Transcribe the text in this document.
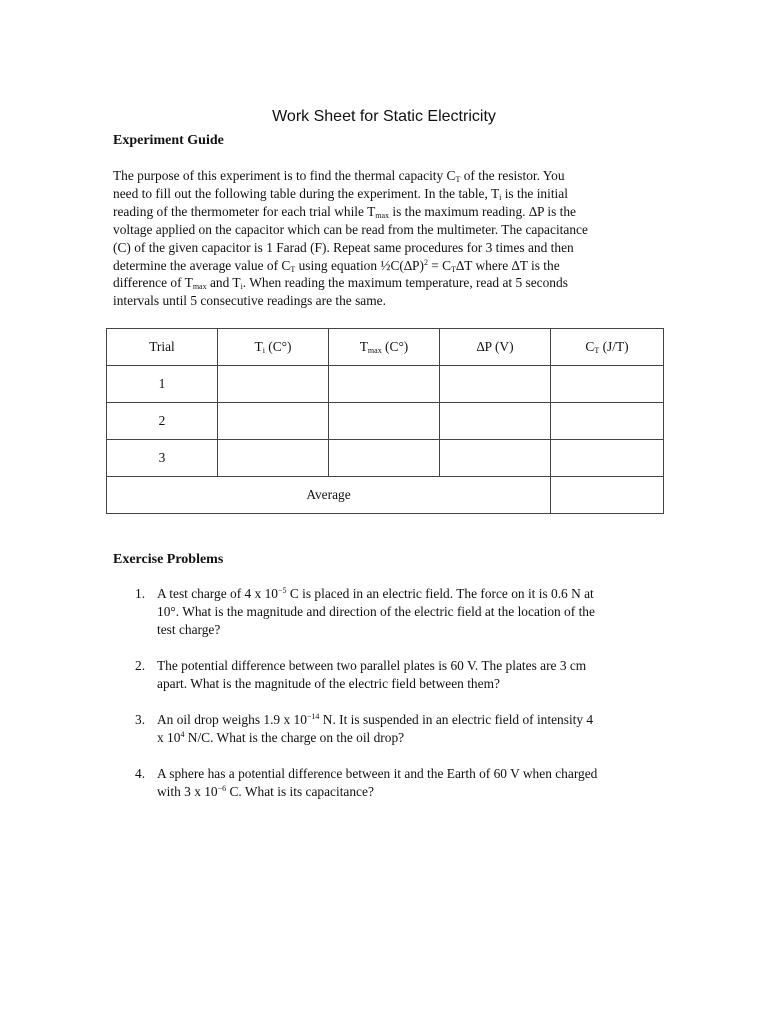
Work Sheet for Static Electricity
Experiment Guide

The purpose of this experiment is to find the thermal capacity $C_T$ of the resistor. You

need to fill out the following table during the experiment. In the table, $T_i$ is the initial

reading of the thermometer for each trial while $T_{max}$ is the maximum reading. ∆P is the

voltage applied on the capacitor which can be read from the multimeter. The capacitance

(C) of the given capacitor is 1 Farad (F). Repeat same procedures for 3 times and then

determine the average value of $C_T$ using equation $\frac{1}{2}C(\Delta P)^2 = C_T\Delta T$ where ∆T is the

difference of $T_{max}$ and $T_i$. When reading the maximum temperature, read at 5 seconds

intervals until 5 consecutive readings are the same.

Trial	$T_i$ (C°)	$T_{max}$ (C°)	∆P (V)	$C_T$ (J/T)
1				
2				
3				
Average				
Exercise Problems
1. A test charge of 4 x $10^{-5}$ C is placed in an electric field. The force on it is 0.6 N at
10°. What is the magnitude and direction of the electric field at the location of the
test charge?
2. The potential difference between two parallel plates is 60 V. The plates are 3 cm
apart. What is the magnitude of the electric field between them?
3. An oil drop weighs 1.9 x $10^{-14}$ N. It is suspended in an electric field of intensity 4
x $10^4$ N/C. What is the charge on the oil drop?
4. A sphere has a potential difference between it and the Earth of 60 V when charged
with 3 x $10^{-6}$ C. What is its capacitance?
